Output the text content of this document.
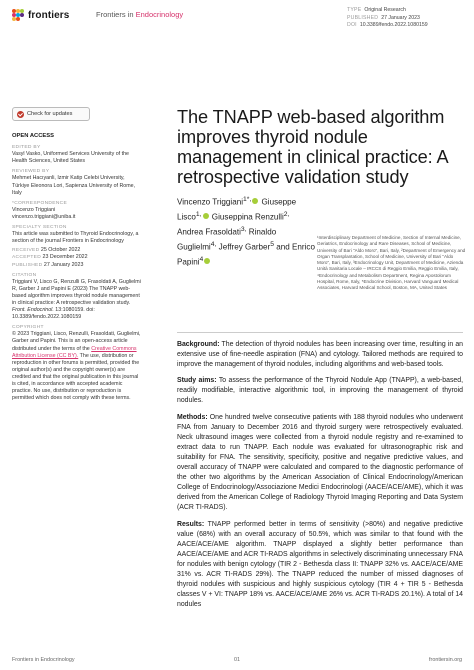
frontiers	Frontiers in Endocrinology	TYPE Original Research
PUBLISHED 27 January 2023
DOI 10.3389/fendo.2022.1080159
Check for updates
OPEN ACCESS
EDITED BY
Vasyl Vasko, Uniformed Services University of the Health Sciences, United States
REVIEWED BY
Mehmet Hacıyanli, Izmir Katip Celebi University, Türkiye Eleonora Lori, Sapienza University of Rome, Italy
*CORRESPONDENCE
Vincenzo Triggiani
vincenzo.triggiani@uniba.it
SPECIALTY SECTION
This article was submitted to Thyroid Endocrinology, a section of the journal Frontiers in Endocrinology
RECEIVED 25 October 2022
ACCEPTED 23 December 2022
PUBLISHED 27 January 2023
CITATION
Triggiani V, Lisco G, Renzulli G, Frasoldati A, Guglielmi R, Garber J and Papini E (2023) The TNAPP web-based algorithm improves thyroid nodule management in clinical practice: A retrospective validation study. Front. Endocrinol. 13:1080159. doi: 10.3389/fendo.2022.1080159
COPYRIGHT
© 2023 Triggiani, Lisco, Renzulli, Frasoldati, Guglielmi, Garber and Papini. This is an open-access article distributed under the terms of the Creative Commons Attribution License (CC BY). The use, distribution or reproduction in other forums is permitted, provided the original author(s) and the copyright owner(s) are credited and that the original publication in this journal is cited, in accordance with accepted academic practice. No use, distribution or reproduction is permitted which does not comply with these terms.
The TNAPP web-based algorithm improves thyroid nodule management in clinical practice: A retrospective validation study
Vincenzo Triggiani$^{1*,}$ Giuseppe Lisco$^{1,}$ Giuseppina Renzulli$^{2,}$ Andrea Frasoldati$^{3,}$ Rinaldo Guglielmi$^{4,}$ Jeffrey Garber$^5$ and Enrico Papini$^4$
¹Interdisciplinary Department of Medicine, Section of Internal Medicine, Geriatrics, Endocrinology and Rare Diseases, School of Medicine, University of Bari "Aldo Moro", Bari, Italy, ²Department of Emergency and Organ Transplantation, School of Medicine, University of Bari "Aldo Moro", Bari, Italy, ³Endocrinology Unit, Department of Medicine, Azienda Unità Sanitaria Locale – IRCCS di Reggio Emilia, Reggio Emilia, Italy, ⁴Endocrinology and Metabolism Department, Regina Apostolorum Hospital, Rome, Italy, ⁵Endocrine Division, Harvard Vanguard Medical Associates, Harvard Medical School, Boston, MA, United States

Background: The detection of thyroid nodules has been increasing over time, resulting in an extensive use of fine-needle aspiration (FNA) and cytology. Tailored methods are required to improve the management of thyroid nodules, including algorithms and web-based tools.

Study aims: To assess the performance of the Thyroid Nodule App (TNAPP), a web-based, readily modifiable, interactive algorithmic tool, in improving the management of thyroid nodules.

Methods: One hundred twelve consecutive patients with 188 thyroid nodules who underwent FNA from January to December 2016 and thyroid surgery were retrospectively evaluated. Neck ultrasound images were collected from a thyroid nodule registry and re-examined to extract data to run TNAPP. Each nodule was evaluated for ultrasonographic risk and suitability for FNA. The sensitivity, specificity, positive and negative predictive values, and overall accuracy of TNAPP were calculated and compared to the diagnostic performance of the other two algorithms by the American Association of Clinical Endocrinology/American College of Endocrinology/Associazione Medici Endocrinologi (AACE/ACE/AME), which it was derived from the American College of Radiology Thyroid Imaging Reporting and Data System (ACR TI-RADS).

Results: TNAPP performed better in terms of sensitivity (>80%) and negative predictive value (68%) with an overall accuracy of 50.5%, which was similar to that found with the AACE/ACE/AME algorithm. TNAPP displayed a slightly better performance than AACE/ACE/AME and ACR TI-RADS algorithms in selectively discriminating unnecessary FNA for nodules with benign cytology (TIR 2 - Bethesda class II: TNAPP 32% vs. AACE/ACE/AME 31% vs. ACR TI-RADS 29%). The TNAPP reduced the number of missed diagnoses of thyroid nodules with suspicious and highly suspicious cytology (TIR 4 + TIR 5 - Bethesda classes V + VI: TNAPP 18% vs. AACE/ACE/AME 26% vs. ACR TI-RADS 20.1%). A total of 14 nodules

Frontiers in Endocrinology	01	frontiersin.org
